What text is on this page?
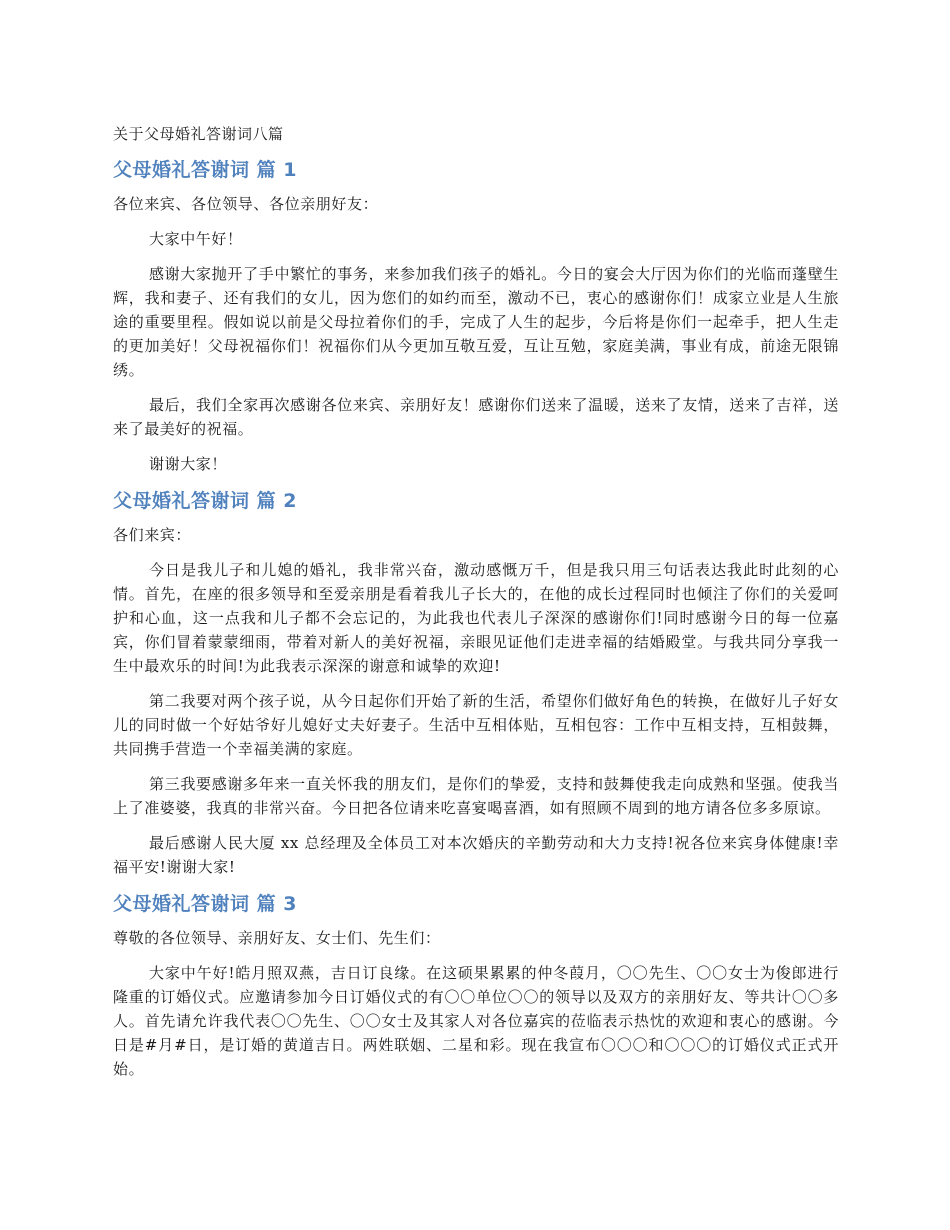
关于父母婚礼答谢词八篇
父母婚礼答谢词 篇 1

各位来宾、各位领导、各位亲朋好友：

大家中午好！

感谢大家抛开了手中繁忙的事务，来参加我们孩子的婚礼。今日的宴会大厅因为你们的光临而蓬壁生辉，我和妻子、还有我们的女儿，因为您们的如约而至，激动不已，衷心的感谢你们！成家立业是人生旅途的重要里程。假如说以前是父母拉着你们的手，完成了人生的起步，今后将是你们一起牵手，把人生走的更加美好！父母祝福你们！祝福你们从今更加互敬互爱，互让互勉，家庭美满，事业有成，前途无限锦绣。

最后，我们全家再次感谢各位来宾、亲朋好友！感谢你们送来了温暖，送来了友情，送来了吉祥，送来了最美好的祝福。

谢谢大家！

父母婚礼答谢词 篇 2

各们来宾：

今日是我儿子和儿媳的婚礼，我非常兴奋，激动感慨万千，但是我只用三句话表达我此时此刻的心情。首先，在座的很多领导和至爱亲朋是看着我儿子长大的，在他的成长过程同时也倾注了你们的关爱呵护和心血，这一点我和儿子都不会忘记的，为此我也代表儿子深深的感谢你们!同时感谢今日的每一位嘉宾，你们冒着蒙蒙细雨，带着对新人的美好祝福，亲眼见证他们走进幸福的结婚殿堂。与我共同分享我一生中最欢乐的时间!为此我表示深深的谢意和诚挚的欢迎!

第二我要对两个孩子说，从今日起你们开始了新的生活，希望你们做好角色的转换，在做好儿子好女儿的同时做一个好姑爷好儿媳好丈夫好妻子。生活中互相体贴，互相包容：工作中互相支持，互相鼓舞，共同携手营造一个幸福美满的家庭。

第三我要感谢多年来一直关怀我的朋友们，是你们的挚爱，支持和鼓舞使我走向成熟和坚强。使我当上了准婆婆，我真的非常兴奋。今日把各位请来吃喜宴喝喜酒，如有照顾不周到的地方请各位多多原谅。

最后感谢人民大厦 xx 总经理及全体员工对本次婚庆的辛勤劳动和大力支持!祝各位来宾身体健康!幸福平安!谢谢大家!

父母婚礼答谢词 篇 3

尊敬的各位领导、亲朋好友、女士们、先生们：

大家中午好!皓月照双燕，吉日订良缘。在这硕果累累的仲冬葭月，〇〇先生、〇〇女士为俊郎进行隆重的订婚仪式。应邀请参加今日订婚仪式的有〇〇单位〇〇的领导以及双方的亲朋好友、等共计〇〇多人。首先请允许我代表〇〇先生、〇〇女士及其家人对各位嘉宾的莅临表示热忱的欢迎和衷心的感谢。今日是#月#日，是订婚的黄道吉日。两姓联姻、二星和彩。现在我宣布〇〇〇和〇〇〇的订婚仪式正式开始。
